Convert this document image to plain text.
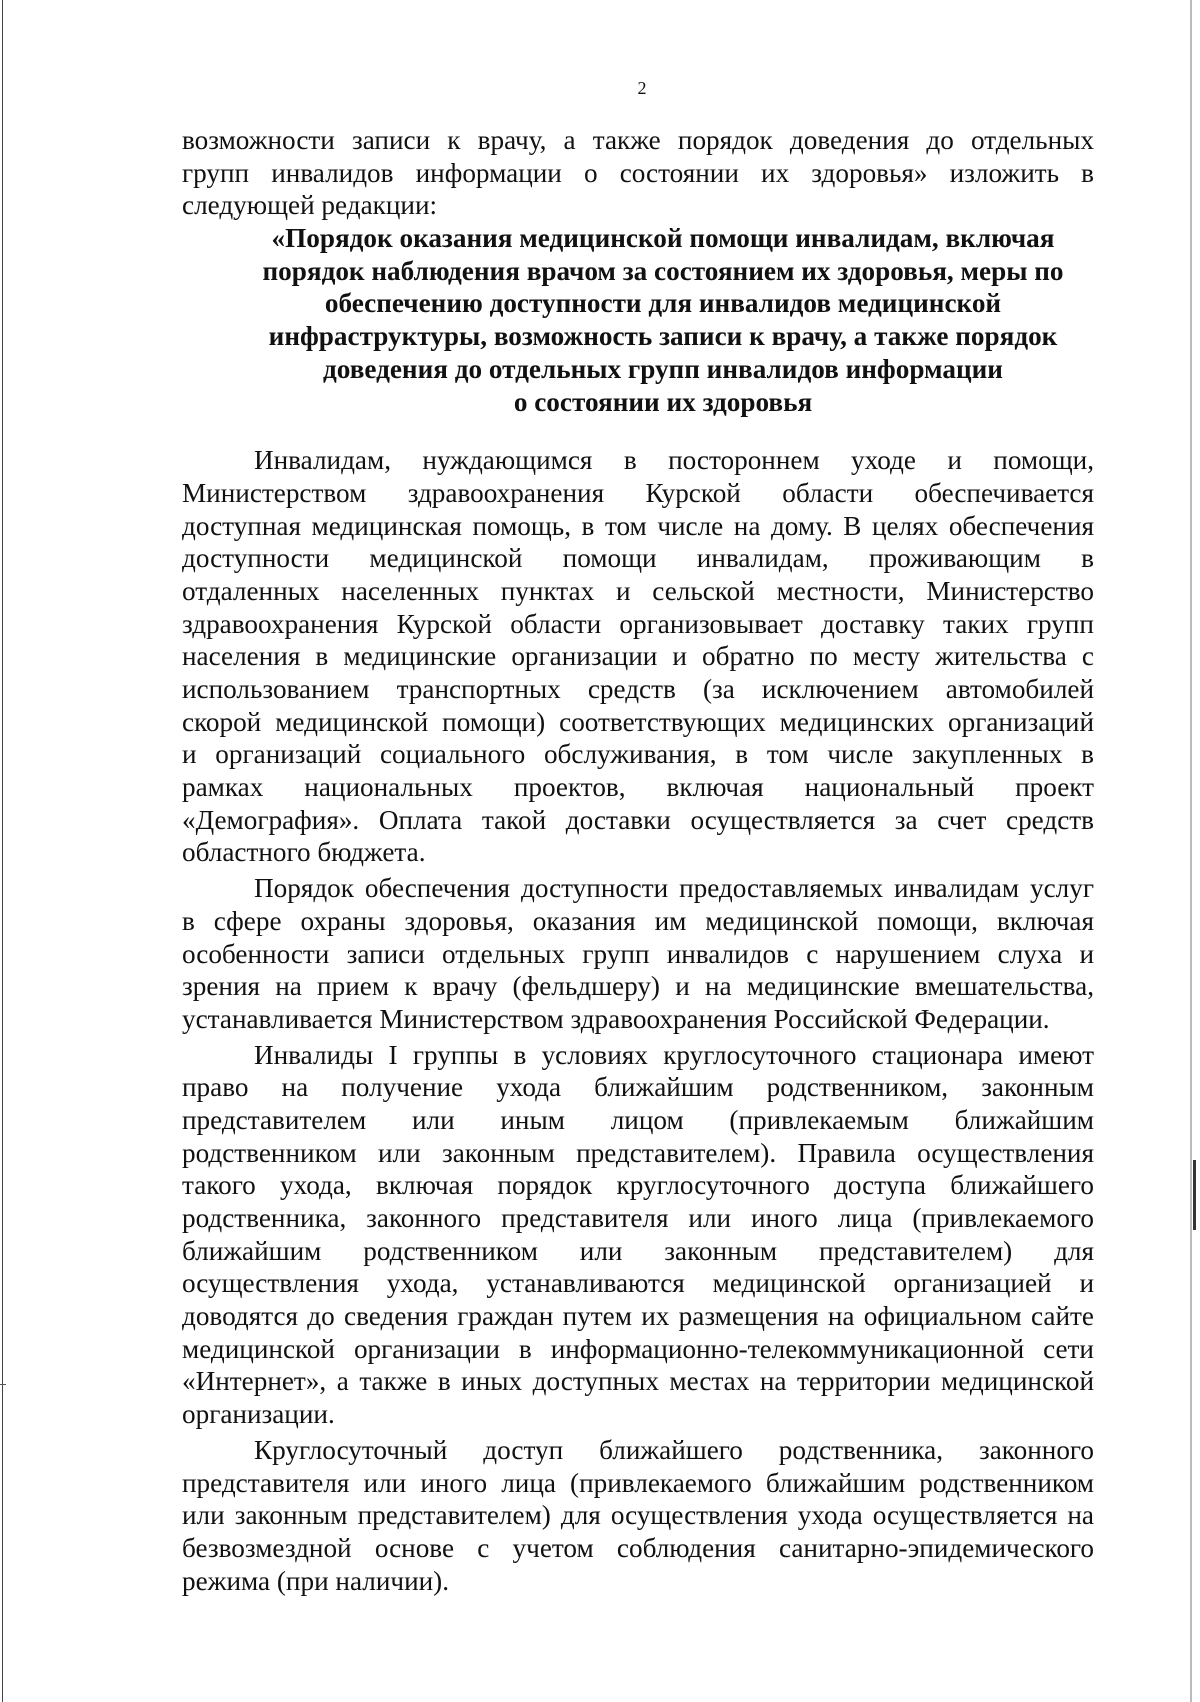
2
возможности записи к врачу, а также порядок доведения до отдельных
групп инвалидов информации о состоянии их здоровья» изложить в
следующей редакции:
«Порядок оказания медицинской помощи инвалидам, включая
порядок наблюдения врачом за состоянием их здоровья, меры по
обеспечению доступности для инвалидов медицинской
инфраструктуры, возможность записи к врачу, а также порядок
доведения до отдельных групп инвалидов информации
о состоянии их здоровья
Инвалидам, нуждающимся в постороннем уходе и помощи,
Министерством здравоохранения Курской области обеспечивается
доступная медицинская помощь, в том числе на дому. В целях обеспечения
доступности медицинской помощи инвалидам, проживающим в
отдаленных населенных пунктах и сельской местности, Министерство
здравоохранения Курской области организовывает доставку таких групп
населения в медицинские организации и обратно по месту жительства с
использованием транспортных средств (за исключением автомобилей
скорой медицинской помощи) соответствующих медицинских организаций
и организаций социального обслуживания, в том числе закупленных в
рамках национальных проектов, включая национальный проект
«Демография». Оплата такой доставки осуществляется за счет средств
областного бюджета.
Порядок обеспечения доступности предоставляемых инвалидам услуг
в сфере охраны здоровья, оказания им медицинской помощи, включая
особенности записи отдельных групп инвалидов с нарушением слуха и
зрения на прием к врачу (фельдшеру) и на медицинские вмешательства,
устанавливается Министерством здравоохранения Российской Федерации.
Инвалиды I группы в условиях круглосуточного стационара имеют
право на получение ухода ближайшим родственником, законным
представителем или иным лицом (привлекаемым ближайшим
родственником или законным представителем). Правила осуществления
такого ухода, включая порядок круглосуточного доступа ближайшего
родственника, законного представителя или иного лица (привлекаемого
ближайшим родственником или законным представителем) для
осуществления ухода, устанавливаются медицинской организацией и
доводятся до сведения граждан путем их размещения на официальном сайте
медицинской организации в информационно-телекоммуникационной сети
«Интернет», а также в иных доступных местах на территории медицинской
организации.
Круглосуточный доступ ближайшего родственника, законного
представителя или иного лица (привлекаемого ближайшим родственником
или законным представителем) для осуществления ухода осуществляется на
безвозмездной основе с учетом соблюдения санитарно-эпидемического
режима (при наличии).
